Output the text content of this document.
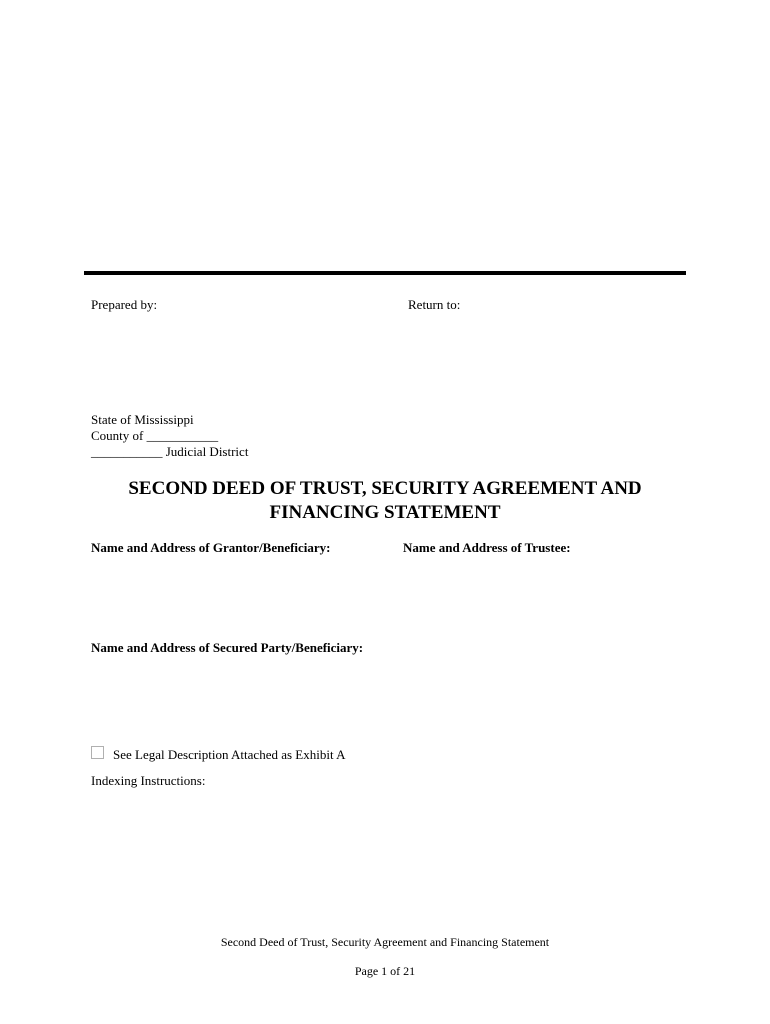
Prepared by:	Return to:
State of Mississippi
County of ___________
___________ Judicial District
SECOND DEED OF TRUST, SECURITY AGREEMENT AND
FINANCING STATEMENT
Name and Address of Grantor/Beneficiary:	Name and Address of Trustee:
Name and Address of Secured Party/Beneficiary:
See Legal Description Attached as Exhibit A
Indexing Instructions:
Second Deed of Trust, Security Agreement and Financing Statement
Page 1 of 21
